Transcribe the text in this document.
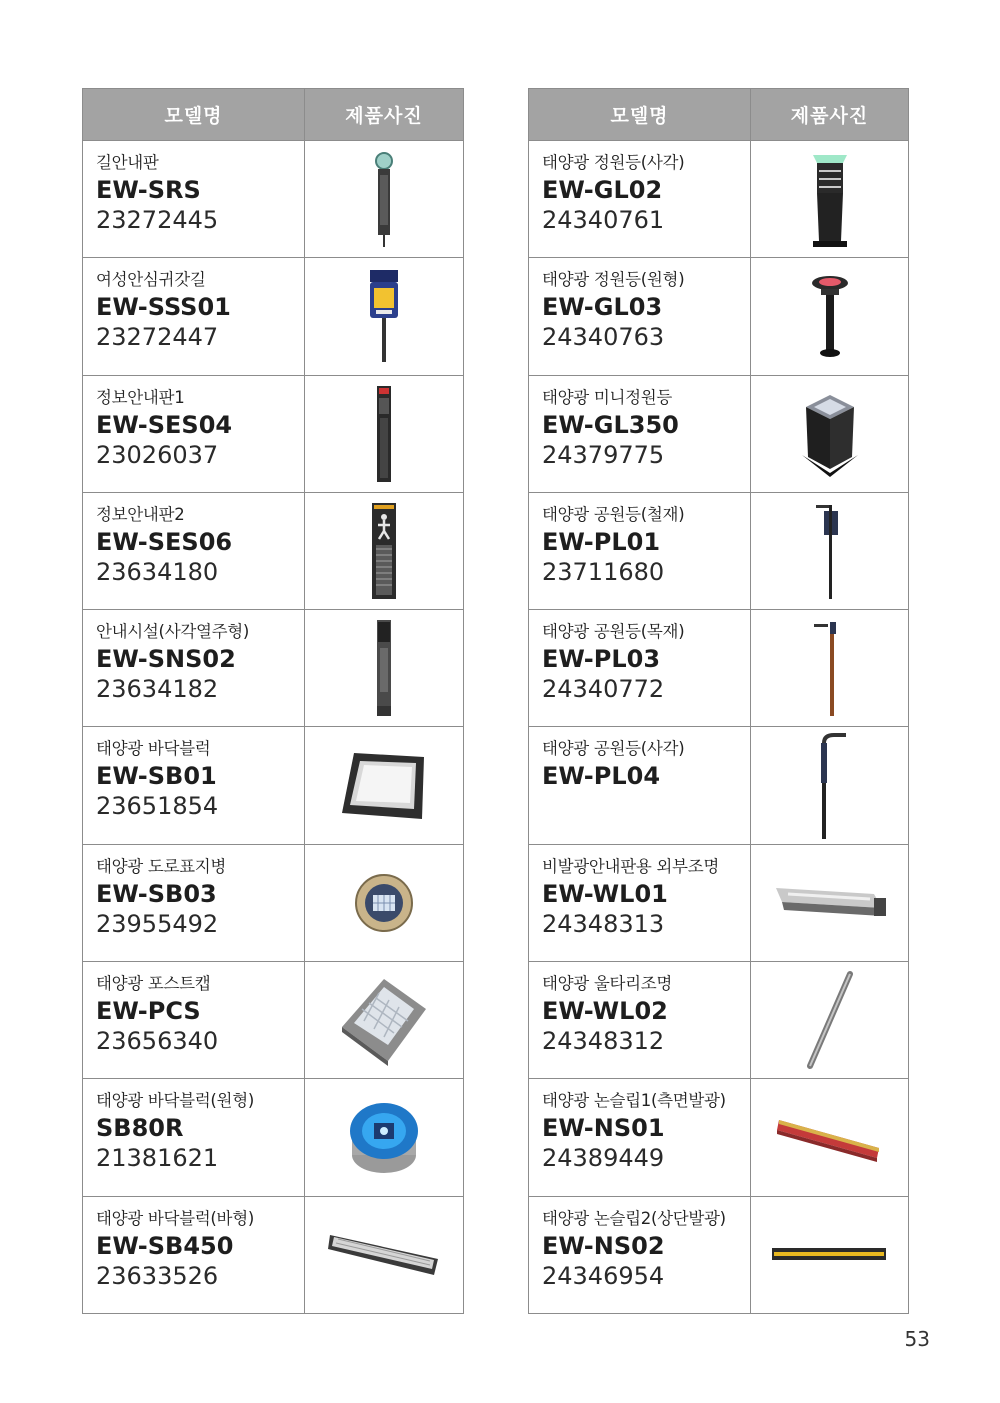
모델명	제품사진

길안내판
EW-SRS
23272445

여성안심귀갓길
EW-SSS01
23272447

정보안내판1
EW-SES04
23026037

정보안내판2
EW-SES06
23634180

안내시설(사각열주형)
EW-SNS02
23634182

태양광 바닥블럭
EW-SB01
23651854

태양광 도로표지병
EW-SB03
23955492

태양광 포스트캡
EW-PCS
23656340

태양광 바닥블럭(원형)
SB80R
21381621

태양광 바닥블럭(바형)
EW-SB450
23633526

모델명	제품사진

태양광 정원등(사각)
EW-GL02
24340761

태양광 정원등(원형)
EW-GL03
24340763

태양광 미니정원등
EW-GL350
24379775

태양광 공원등(철재)
EW-PL01
23711680

태양광 공원등(목재)
EW-PL03
24340772

태양광 공원등(사각)
EW-PL04

비발광안내판용 외부조명
EW-WL01
24348313

태양광 울타리조명
EW-WL02
24348312

태양광 논슬립1(측면발광)
EW-NS01
24389449

태양광 논슬립2(상단발광)
EW-NS02
24346954

53
